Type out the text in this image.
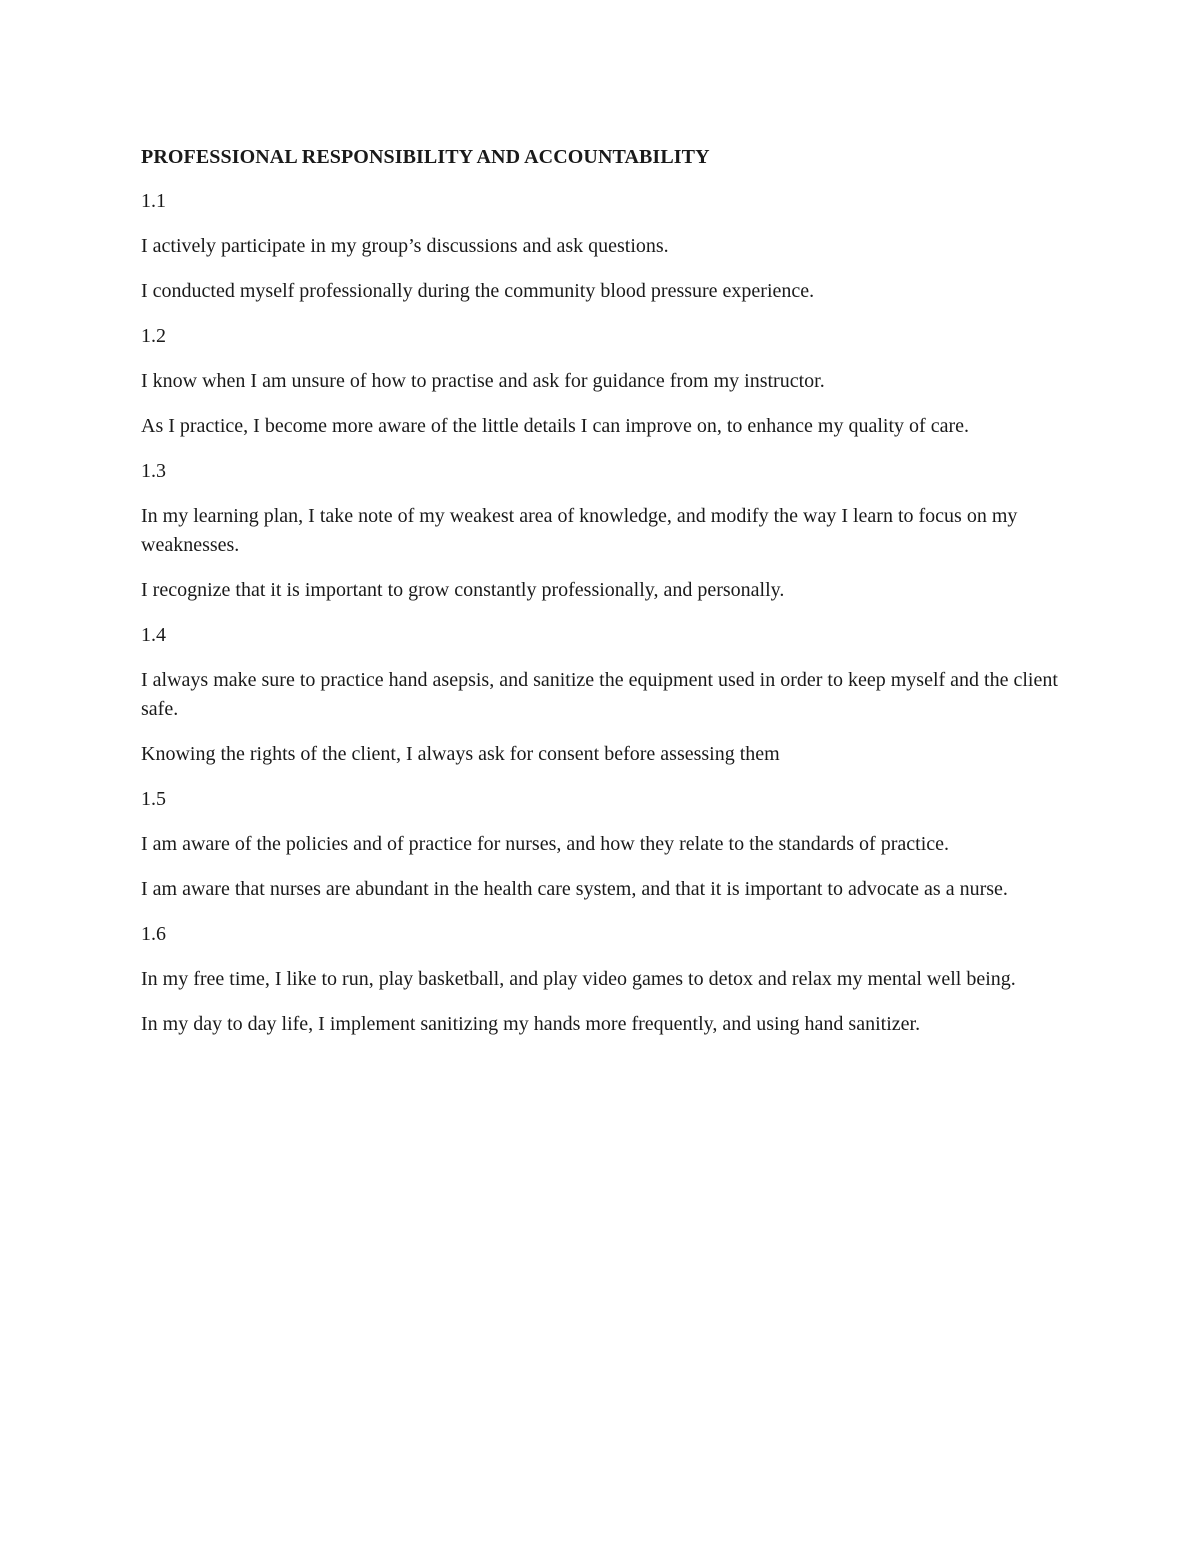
PROFESSIONAL RESPONSIBILITY AND ACCOUNTABILITY
1.1
I actively participate in my group’s discussions and ask questions.
I conducted myself professionally during the community blood pressure experience.
1.2
I know when I am unsure of how to practise and ask for guidance from my instructor.
As I practice, I become more aware of the little details I can improve on, to enhance my quality of care.
1.3
In my learning plan, I take note of my weakest area of knowledge, and modify the way I learn to focus on my weaknesses.
I recognize that it is important to grow constantly professionally, and personally.
1.4
I always make sure to practice hand asepsis, and sanitize the equipment used in order to keep myself and the client safe.
Knowing the rights of the client, I always ask for consent before assessing them
1.5
I am aware of the policies and of practice for nurses, and how they relate to the standards of practice.
I am aware that nurses are abundant in the health care system, and that it is important to advocate as a nurse.
1.6
In my free time, I like to run, play basketball, and play video games to detox and relax my mental well being.
In my day to day life, I implement sanitizing my hands more frequently, and using hand sanitizer.
